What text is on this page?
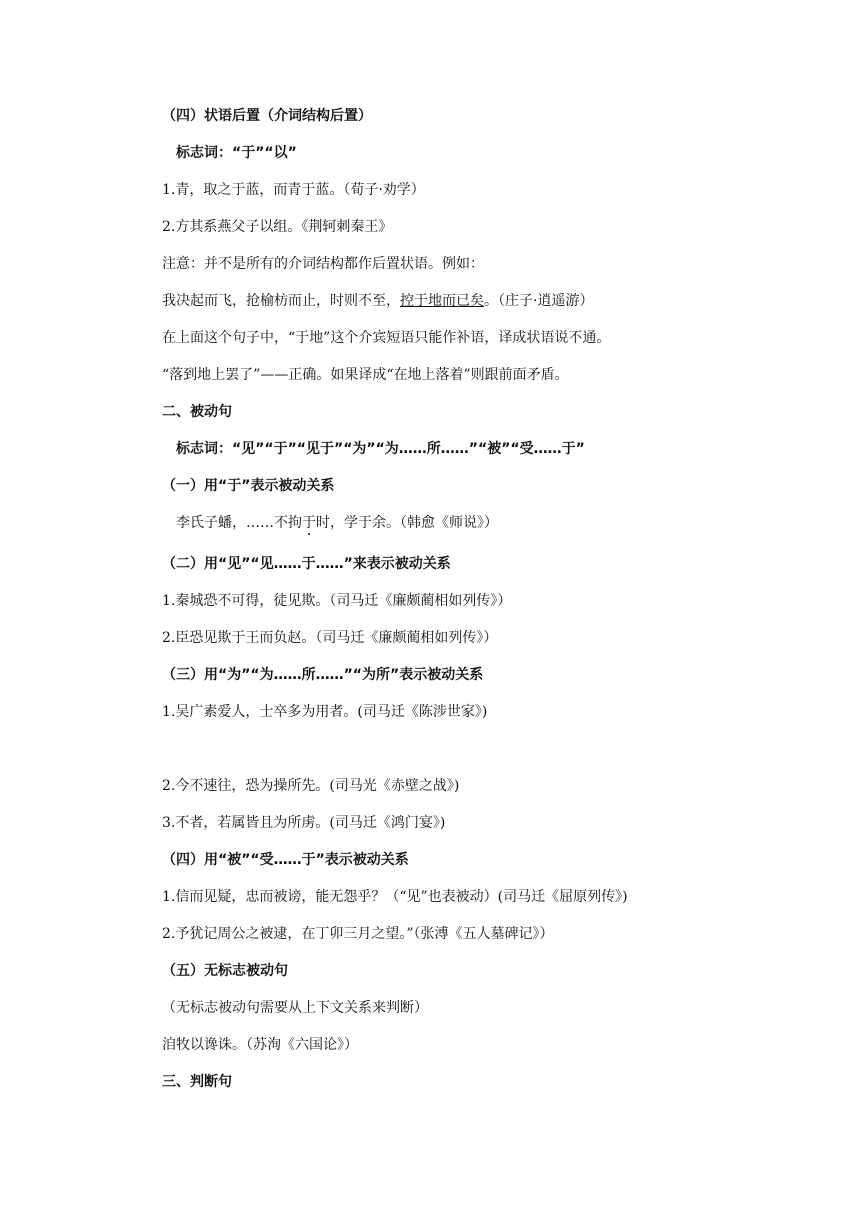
（四）状语后置（介词结构后置）
标志词：“于”“以”
1.青，取之于蓝，而青于蓝。（荀子·劝学）
2.方其系燕父子以组。《荆轲刺秦王》
注意：并不是所有的介词结构都作后置状语。例如：
我决起而飞，抢榆枋而止，时则不至，控于地而已矣。（庄子·逍遥游）
在上面这个句子中，“于地”这个介宾短语只能作补语，译成状语说不通。
“落到地上罢了”——正确。如果译成“在地上落着”则跟前面矛盾。
二、被动句
标志词：“见”“于”“见于”“为”“为……所……”“被”“受……于”
（一）用“于”表示被动关系
李氏子蟠，……不拘于时，学于余。（韩愈《师说》）
（二）用“见”“见……于……”来表示被动关系
1.秦城恐不可得，徒见欺。（司马迁《廉颇蔺相如列传》）
2.臣恐见欺于王而负赵。（司马迁《廉颇蔺相如列传》）
（三）用“为”“为……所……”“为所”表示被动关系
1.吴广素爱人，士卒多为用者。(司马迁《陈涉世家》)
2.今不速往，恐为操所先。(司马光《赤壁之战》)
3.不者，若属皆且为所虏。(司马迁《鸿门宴》)
（四）用“被”“受……于”表示被动关系
1.信而见疑，忠而被谤，能无怨乎？（“见”也表被动）(司马迁《屈原列传》)
2.予犹记周公之被逮，在丁卯三月之望。”（张溥《五人墓碑记》）
（五）无标志被动句
（无标志被动句需要从上下文关系来判断）
洎牧以谗诛。（苏洵《六国论》）
三、判断句
